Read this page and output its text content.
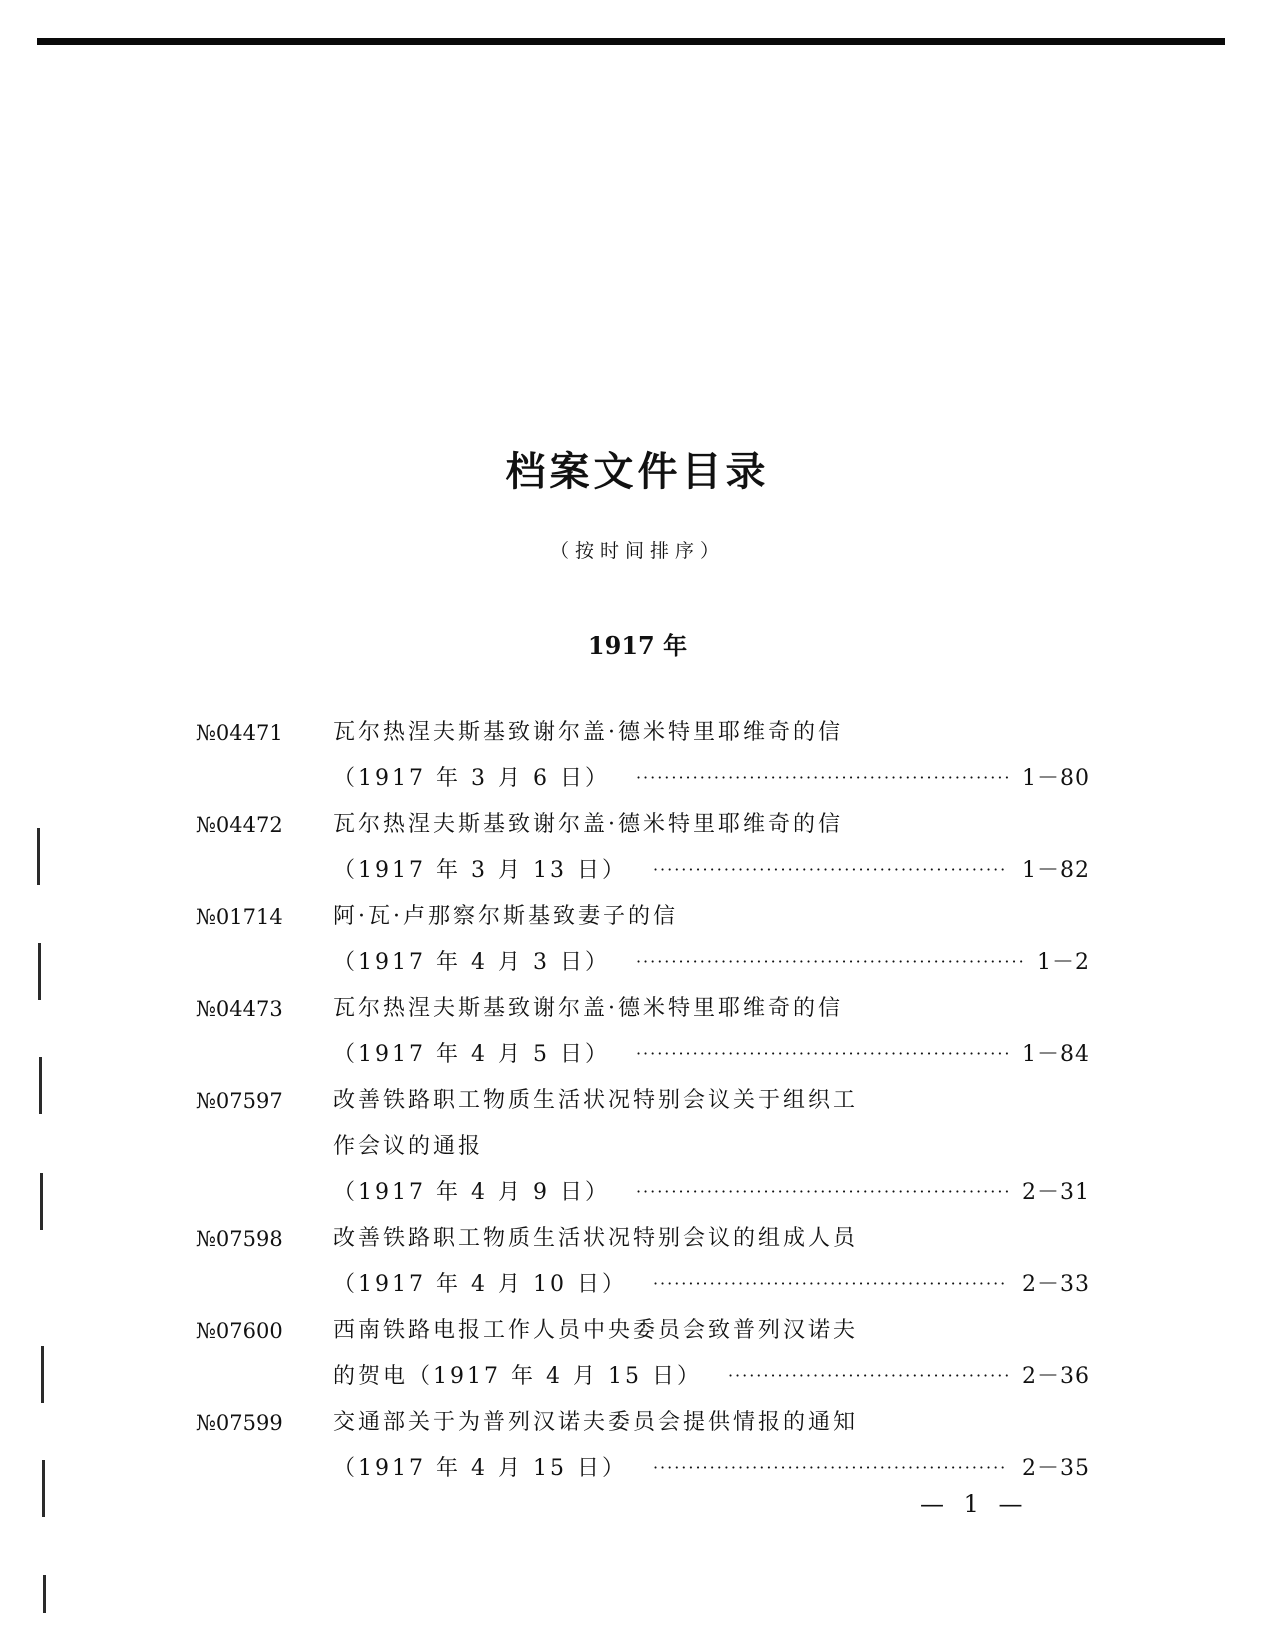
档案文件目录
（按时间排序）
1917 年
№04471	瓦尔热涅夫斯基致谢尔盖·德米特里耶维奇的信
（1917 年 3 月 6 日） ·····	1－80
№04472	瓦尔热涅夫斯基致谢尔盖·德米特里耶维奇的信
（1917 年 3 月 13 日） ·····	1－82
№01714	阿·瓦·卢那察尔斯基致妻子的信
（1917 年 4 月 3 日） ·····	1－2
№04473	瓦尔热涅夫斯基致谢尔盖·德米特里耶维奇的信
（1917 年 4 月 5 日） ·····	1－84
№07597	改善铁路职工物质生活状况特别会议关于组织工
作会议的通报
（1917 年 4 月 9 日） ·····	2－31
№07598	改善铁路职工物质生活状况特别会议的组成人员
（1917 年 4 月 10 日） ·····	2－33
№07600	西南铁路电报工作人员中央委员会致普列汉诺夫
的贺电（1917 年 4 月 15 日） ·····	2－36
№07599	交通部关于为普列汉诺夫委员会提供情报的通知
（1917 年 4 月 15 日） ·····	2－35
— 1 —
